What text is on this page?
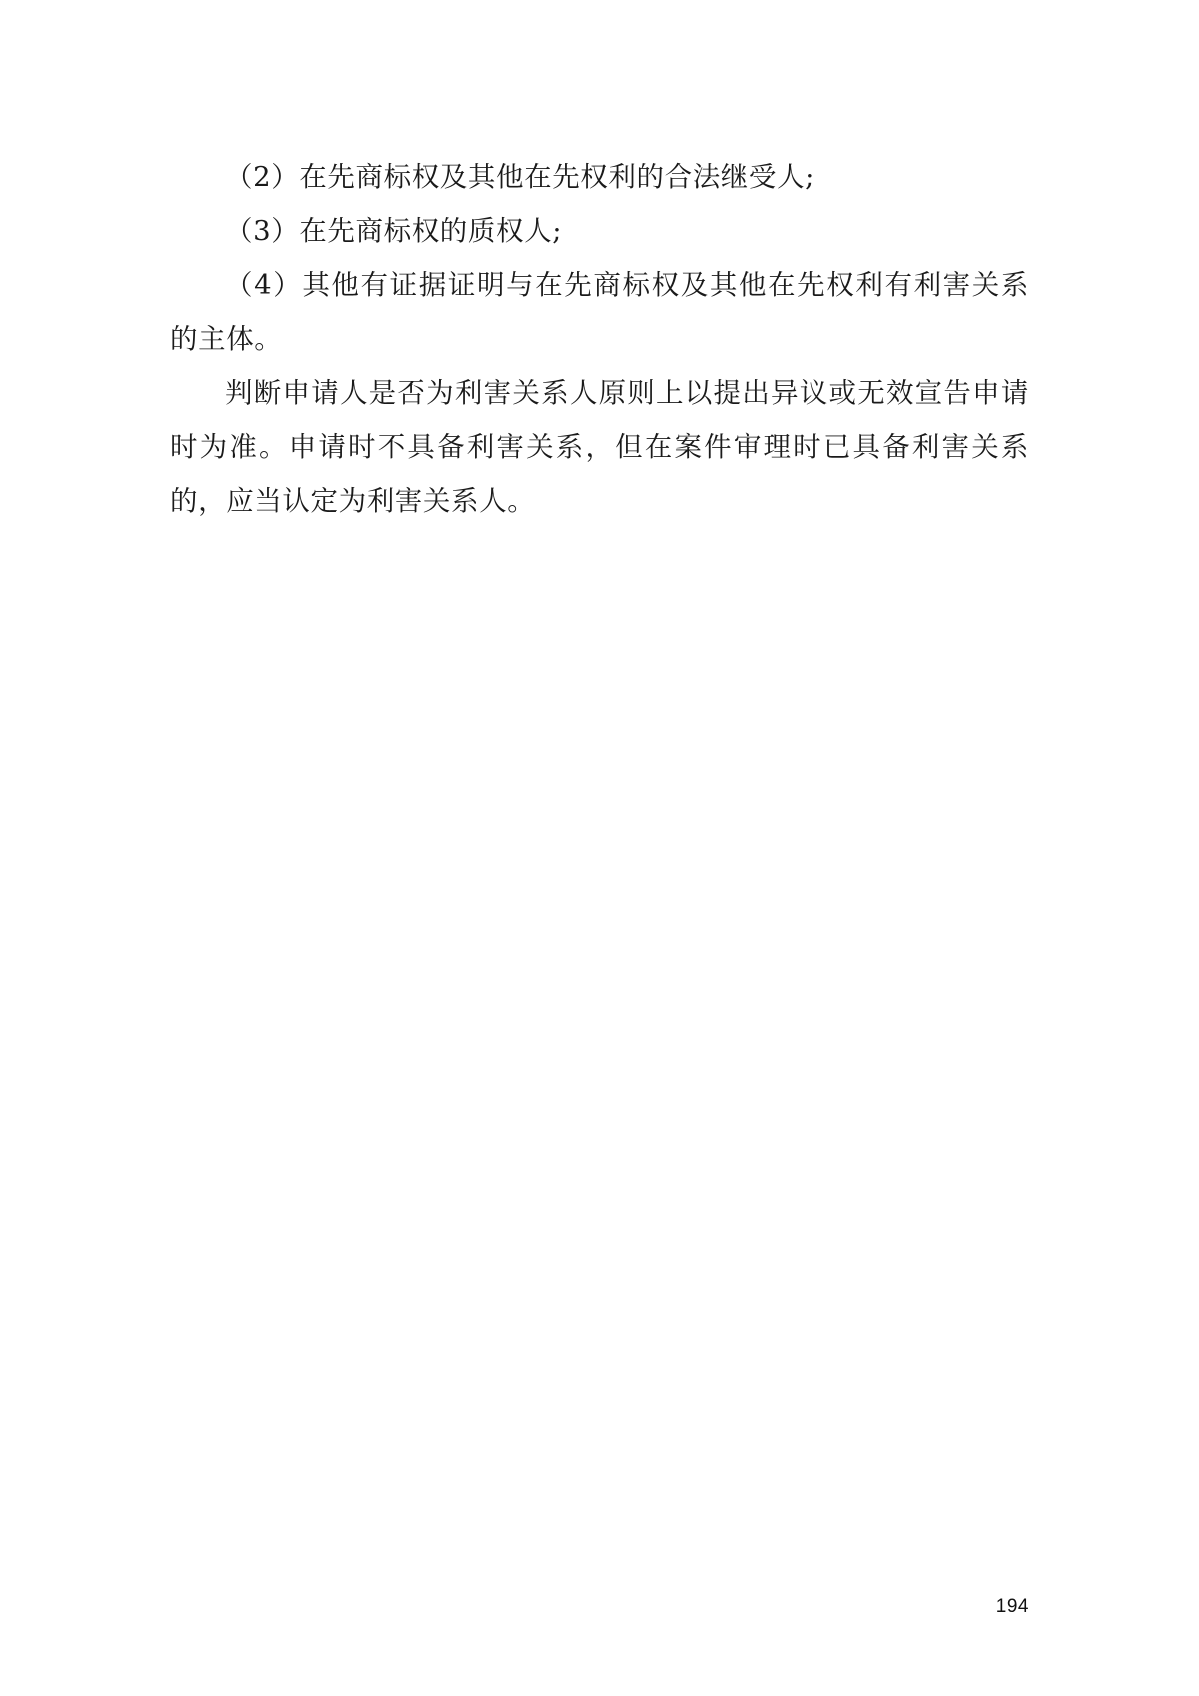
（2）在先商标权及其他在先权利的合法继受人;

（3）在先商标权的质权人;

（4）其他有证据证明与在先商标权及其他在先权利有利害关系的主体。

判断申请人是否为利害关系人原则上以提出异议或无效宣告申请时为准。申请时不具备利害关系，但在案件审理时已具备利害关系的，应当认定为利害关系人。

194
